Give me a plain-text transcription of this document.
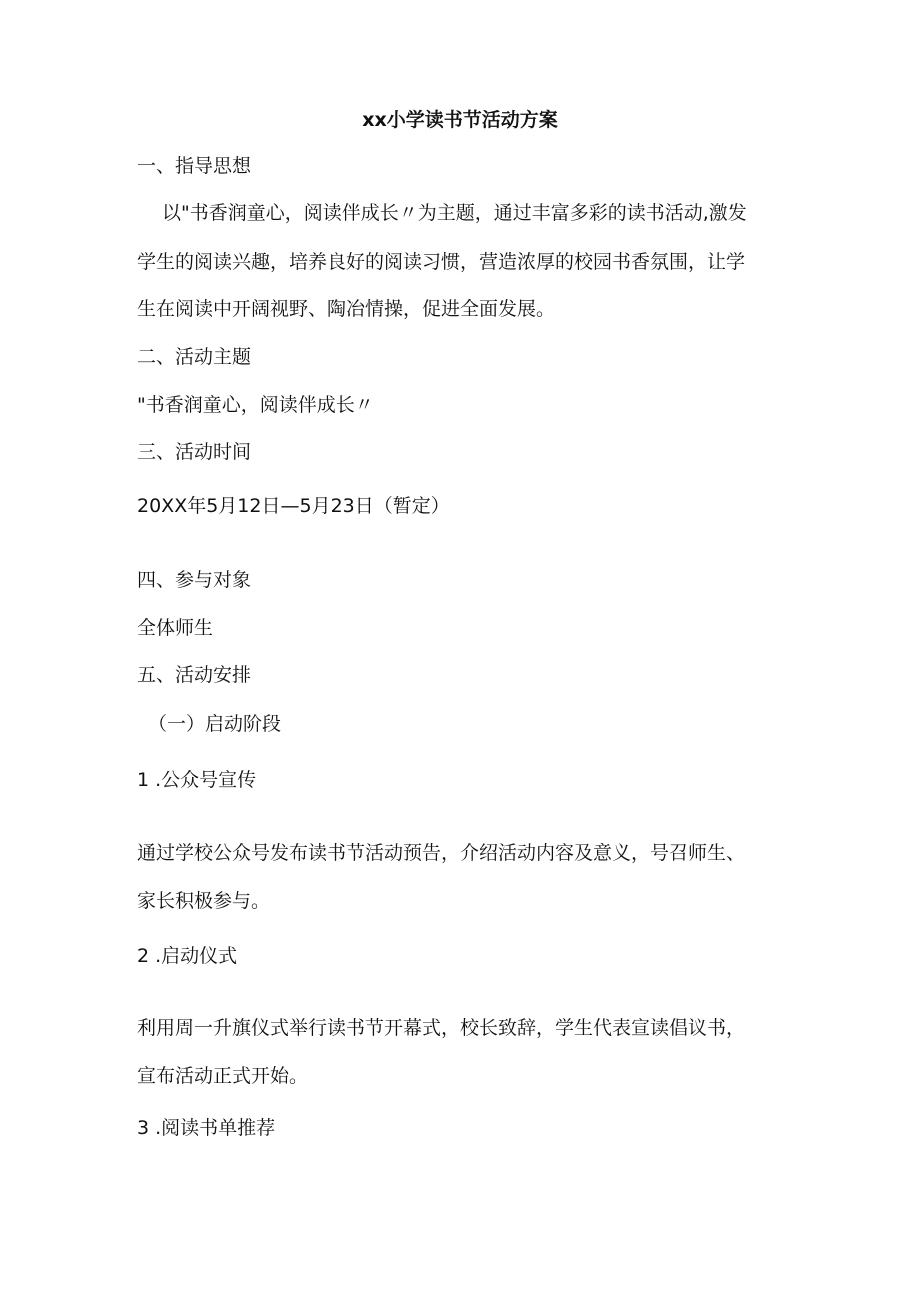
xx小学读书节活动方案
一、指导思想
以"书香润童心，阅读伴成长〃为主题，通过丰富多彩的读书活动,激发
学生的阅读兴趣，培养良好的阅读习惯，营造浓厚的校园书香氛围，让学
生在阅读中开阔视野、陶冶情操，促进全面发展。
二、活动主题
"书香润童心，阅读伴成长〃
三、活动时间
20XX年5月12日—5月23日（暂定）
四、参与对象
全体师生
五、活动安排
（一）启动阶段
1 .公众号宣传
通过学校公众号发布读书节活动预告，介绍活动内容及意义，号召师生、
家长积极参与。
2 .启动仪式
利用周一升旗仪式举行读书节开幕式，校长致辞，学生代表宣读倡议书，
宣布活动正式开始。
3 .阅读书单推荐
